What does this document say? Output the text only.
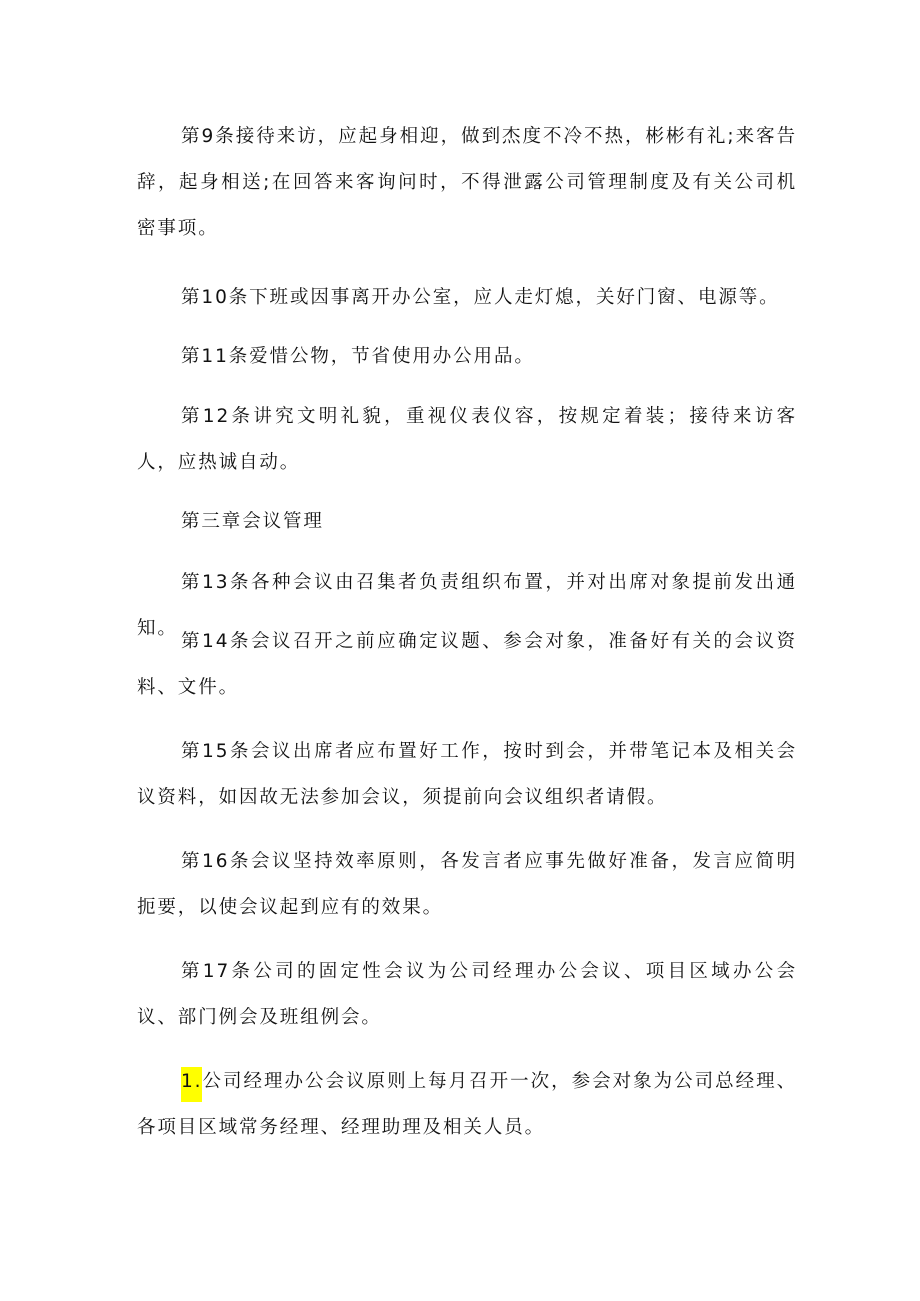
第9条接待来访，应起身相迎，做到杰度不冷不热，彬彬有礼;来客告辞，起身相送;在回答来客询问时，不得泄露公司管理制度及有关公司机密事项。

第10条下班或因事离开办公室，应人走灯熄，关好门窗、电源等。

第11条爱惜公物，节省使用办公用品。

第12条讲究文明礼貌，重视仪表仪容，按规定着装；接待来访客人，应热诚自动。

第三章会议管理

第13条各种会议由召集者负责组织布置，并对出席对象提前发出通知。

第14条会议召开之前应确定议题、参会对象，准备好有关的会议资料、文件。

第15条会议出席者应布置好工作，按时到会，并带笔记本及相关会议资料，如因故无法参加会议，须提前向会议组织者请假。

第16条会议坚持效率原则，各发言者应事先做好准备，发言应简明扼要，以使会议起到应有的效果。

第17条公司的固定性会议为公司经理办公会议、项目区域办公会议、部门例会及班组例会。

1.公司经理办公会议原则上每月召开一次，参会对象为公司总经理、各项目区域常务经理、经理助理及相关人员。
